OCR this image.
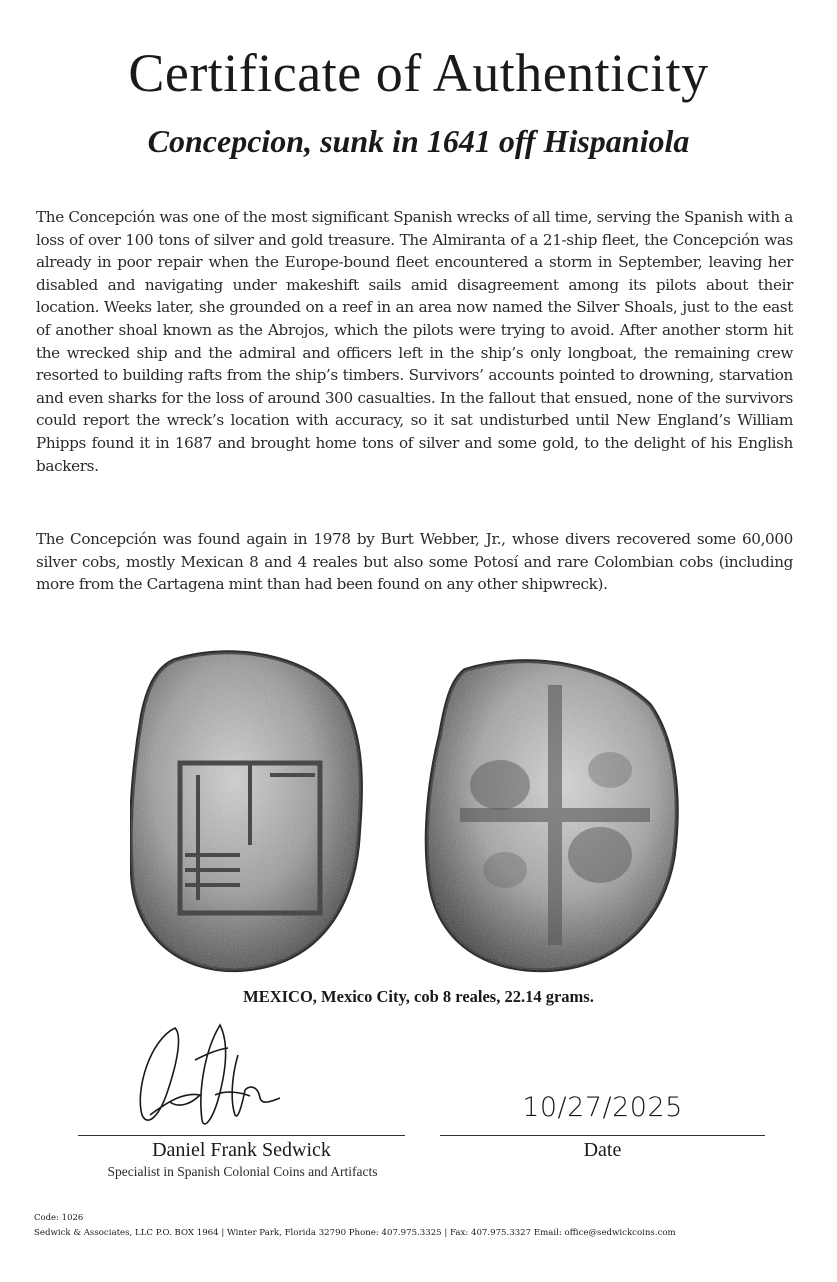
Certificate of Authenticity
Concepcion, sunk in 1641 off Hispaniola

The Concepción was one of the most significant Spanish wrecks of all time, serving the Spanish with a loss of over 100 tons of silver and gold treasure. The Almiranta of a 21-ship fleet, the Concepción was already in poor repair when the Europe-bound fleet encountered a storm in September, leaving her disabled and navigating under makeshift sails amid disagreement among its pilots about their location. Weeks later, she grounded on a reef in an area now named the Silver Shoals, just to the east of another shoal known as the Abrojos, which the pilots were trying to avoid. After another storm hit the wrecked ship and the admiral and officers left in the ship’s only longboat, the remaining crew resorted to building rafts from the ship’s timbers. Survivors’ accounts pointed to drowning, starvation and even sharks for the loss of around 300 casualties. In the fallout that ensued, none of the survivors could report the wreck’s location with accuracy, so it sat undisturbed until New England’s William Phipps found it in 1687 and brought home tons of silver and some gold, to the delight of his English backers.

The Concepción was found again in 1978 by Burt Webber, Jr., whose divers recovered some 60,000 silver cobs, mostly Mexican 8 and 4 reales but also some Potosí and rare Colombian cobs (including more from the Cartagena mint than had been found on any other shipwreck).

MEXICO, Mexico City, cob 8 reales, 22.14 grams.
10/27/2025
Daniel Frank Sedwick
Specialist in Spanish Colonial Coins and Artifacts
Date
Code: 1026
Sedwick & Associates, LLC P.O. BOX 1964 | Winter Park, Florida 32790 Phone: 407.975.3325 | Fax: 407.975.3327 Email: office@sedwickcoins.com
